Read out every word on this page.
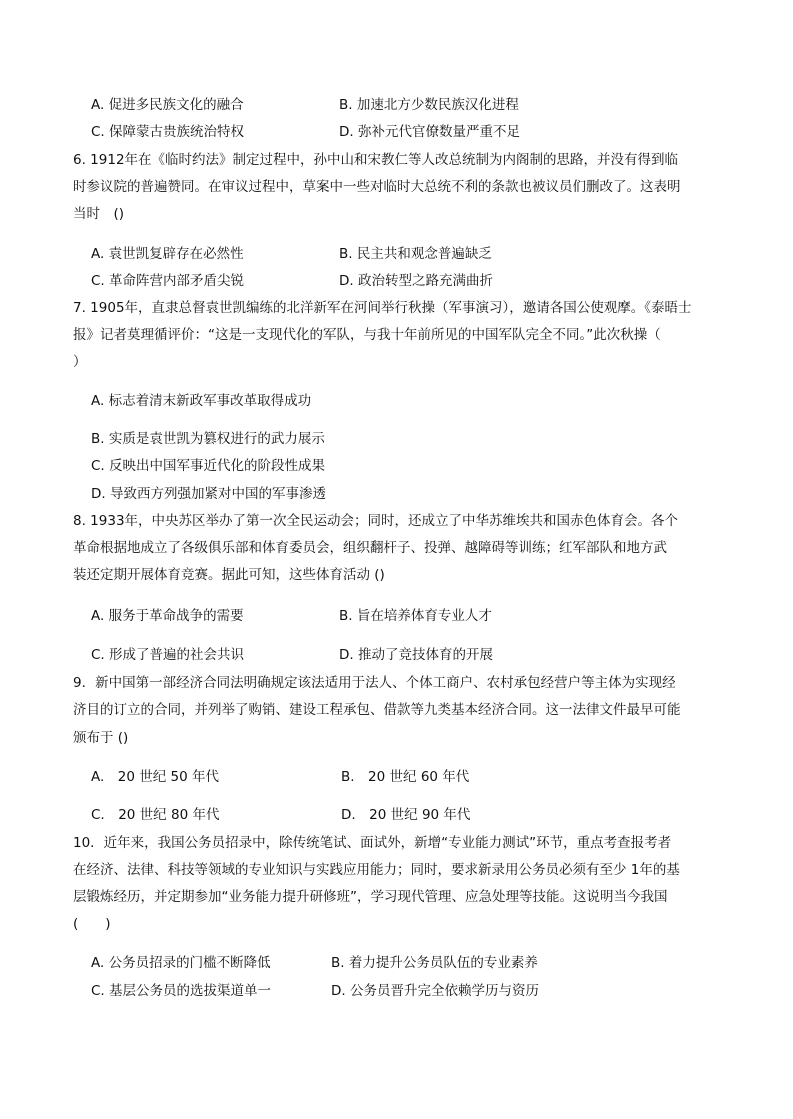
A. 促进多民族文化的融合	B. 加速北方少数民族汉化进程
C. 保障蒙古贵族统治特权	D. 弥补元代官僚数量严重不足
6. 1912年在《临时约法》制定过程中，孙中山和宋教仁等人改总统制为内阁制的思路，并没有得到临
时参议院的普遍赞同。在审议过程中，草案中一些对临时大总统不利的条款也被议员们删改了。这表明
当时　()
A. 袁世凯复辟存在必然性	B. 民主共和观念普遍缺乏
C. 革命阵营内部矛盾尖锐	D. 政治转型之路充满曲折
7. 1905年，直隶总督袁世凯编练的北洋新军在河间举行秋操（军事演习），邀请各国公使观摩。《泰晤士
报》记者莫理循评价：“这是一支现代化的军队，与我十年前所见的中国军队完全不同。”此次秋操（
）
A. 标志着清末新政军事改革取得成功
B. 实质是袁世凯为篡权进行的武力展示
C. 反映出中国军事近代化的阶段性成果
D. 导致西方列强加紧对中国的军事渗透
8. 1933年，中央苏区举办了第一次全民运动会；同时，还成立了中华苏维埃共和国赤色体育会。各个
革命根据地成立了各级俱乐部和体育委员会，组织翻杆子、投弹、越障碍等训练；红军部队和地方武
装还定期开展体育竞赛。据此可知，这些体育活动 ()
A. 服务于革命战争的需要	B. 旨在培养体育专业人才
C. 形成了普遍的社会共识	D. 推动了竞技体育的开展
9．新中国第一部经济合同法明确规定该法适用于法人、个体工商户、农村承包经营户等主体为实现经
济目的订立的合同，并列举了购销、建设工程承包、借款等九类基本经济合同。这一法律文件最早可能
颁布于 ()
A.　20 世纪 50 年代	B.　20 世纪 60 年代
C.　20 世纪 80 年代	D.　20 世纪 90 年代
10．近年来，我国公务员招录中，除传统笔试、面试外，新增“专业能力测试”环节，重点考查报考者
在经济、法律、科技等领域的专业知识与实践应用能力；同时，要求新录用公务员必须有至少 1年的基
层锻炼经历，并定期参加“业务能力提升研修班”，学习现代管理、应急处理等技能。这说明当今我国
(　　)
A. 公务员招录的门槛不断降低	B. 着力提升公务员队伍的专业素养
C. 基层公务员的选拔渠道单一	D. 公务员晋升完全依赖学历与资历
